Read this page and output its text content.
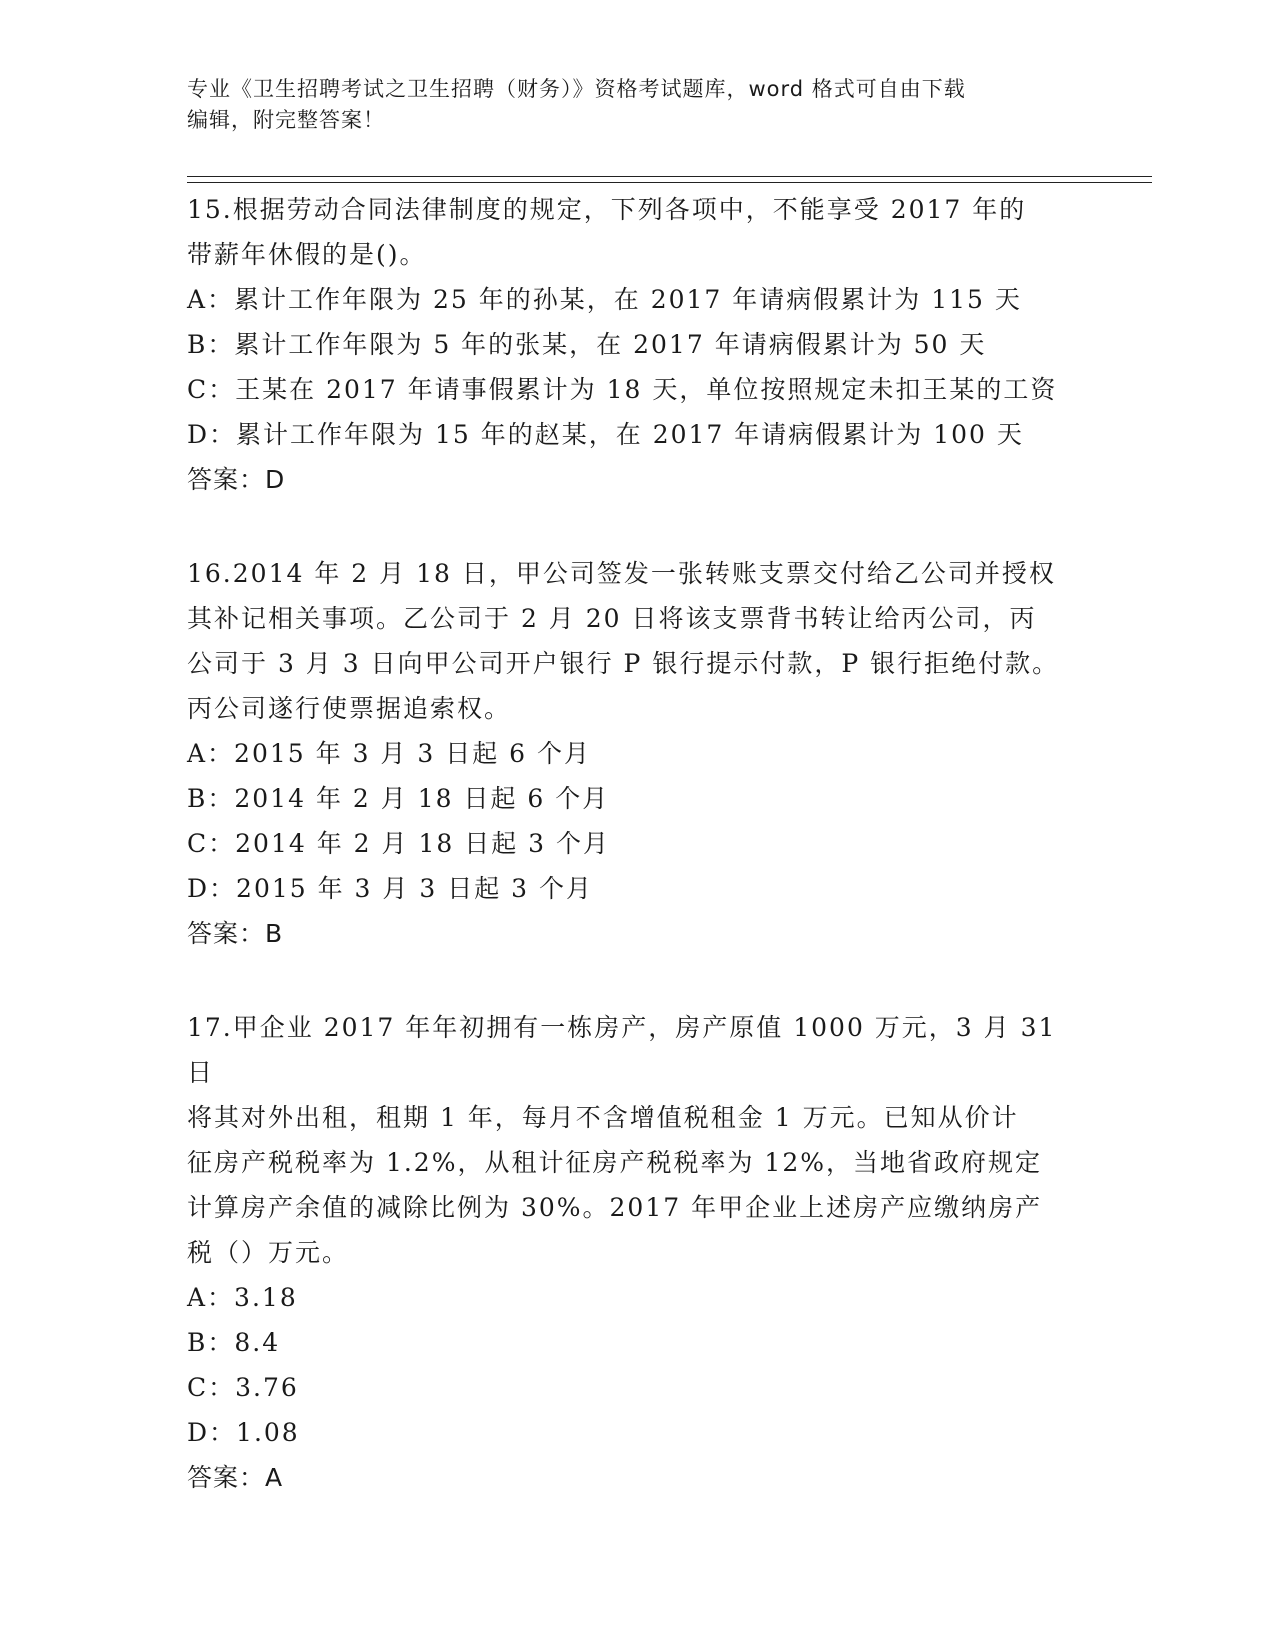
专业《卫生招聘考试之卫生招聘（财务）》资格考试题库，word 格式可自由下载
编辑，附完整答案！

15.根据劳动合同法律制度的规定，下列各项中，不能享受 2017 年的

带薪年休假的是()。

A：累计工作年限为 25 年的孙某，在 2017 年请病假累计为 115 天

B：累计工作年限为 5 年的张某，在 2017 年请病假累计为 50 天

C：王某在 2017 年请事假累计为 18 天，单位按照规定未扣王某的工资

D：累计工作年限为 15 年的赵某，在 2017 年请病假累计为 100 天

答案：D

16.2014 年 2 月 18 日，甲公司签发一张转账支票交付给乙公司并授权

其补记相关事项。乙公司于 2 月 20 日将该支票背书转让给丙公司，丙

公司于 3 月 3 日向甲公司开户银行 P 银行提示付款，P 银行拒绝付款。

丙公司遂行使票据追索权。

A：2015 年 3 月 3 日起 6 个月

B：2014 年 2 月 18 日起 6 个月

C：2014 年 2 月 18 日起 3 个月

D：2015 年 3 月 3 日起 3 个月

答案：B

17.甲企业 2017 年年初拥有一栋房产，房产原值 1000 万元，3 月 31 日

将其对外出租，租期 1 年，每月不含增值税租金 1 万元。已知从价计

征房产税税率为 1.2%，从租计征房产税税率为 12%，当地省政府规定

计算房产余值的减除比例为 30%。2017 年甲企业上述房产应缴纳房产

税（）万元。

A：3.18

B：8.4

C：3.76

D：1.08

答案：A
